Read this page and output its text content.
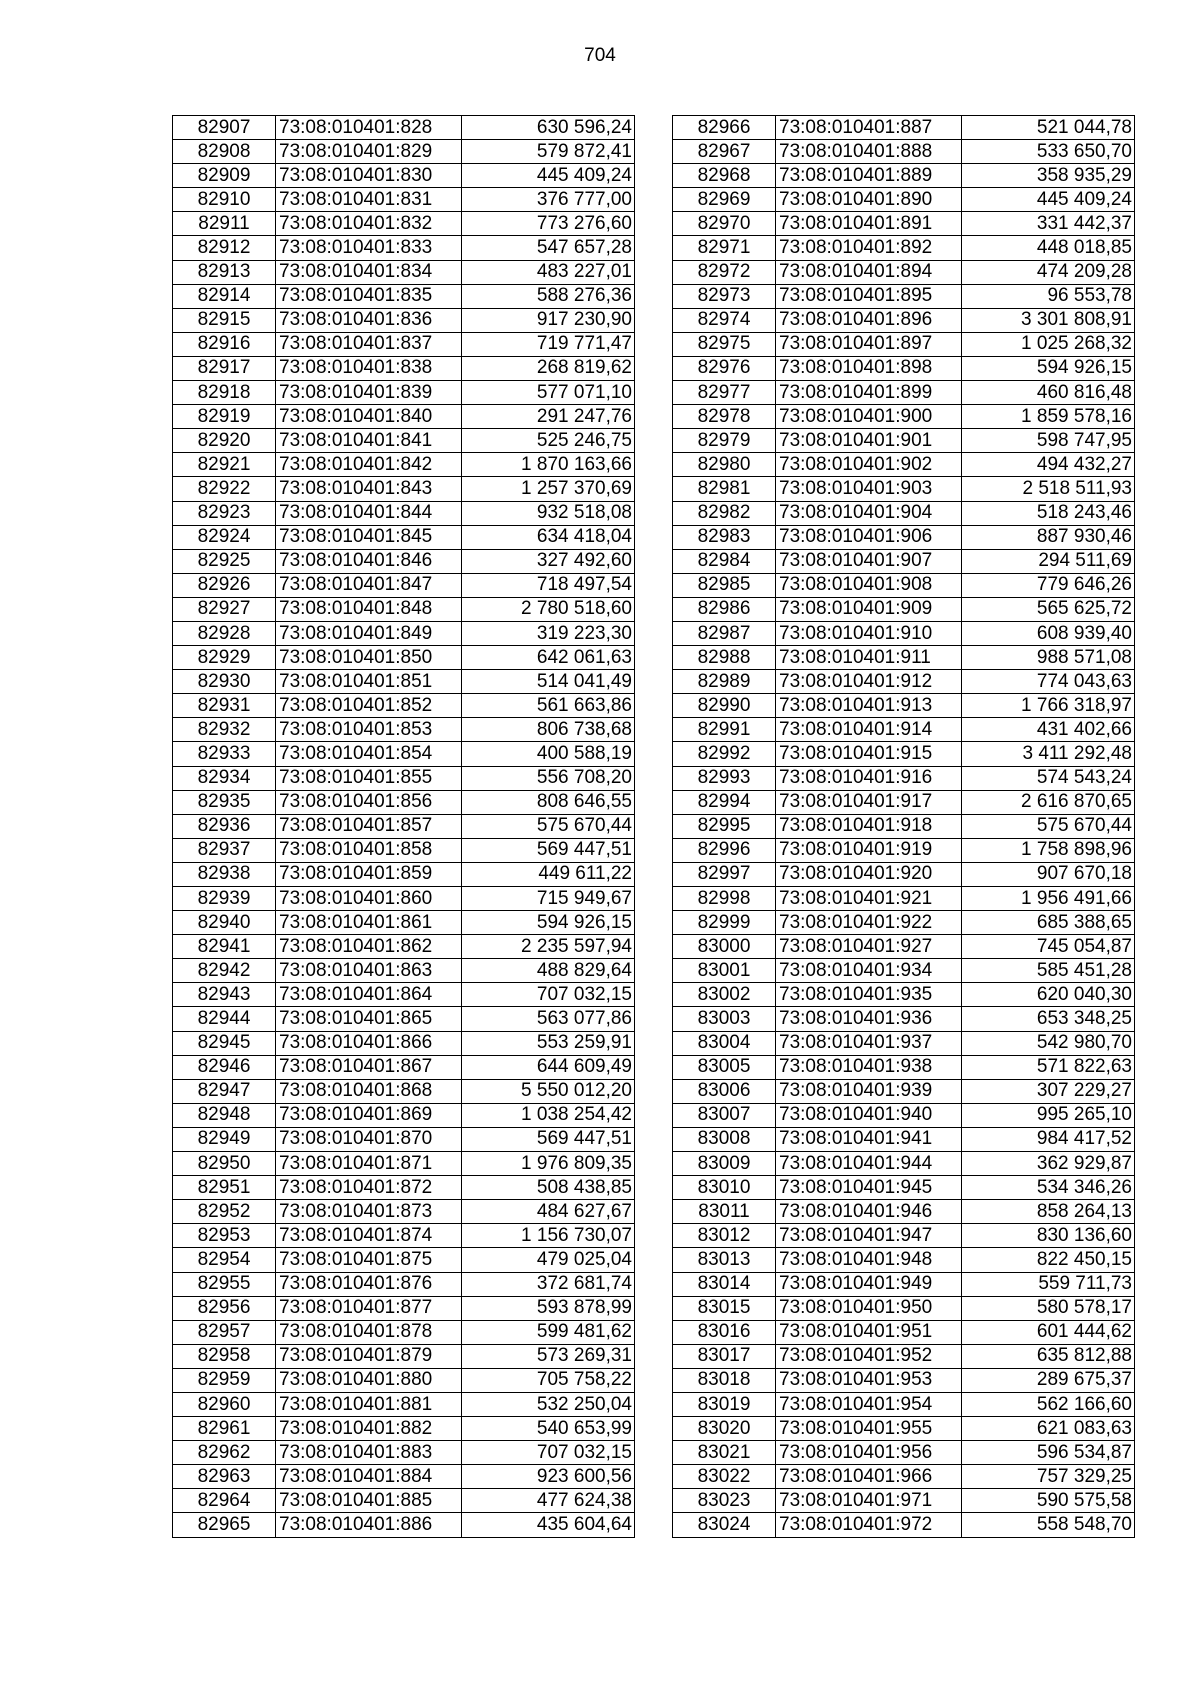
704
82907	73:08:010401:828	630 596,24
82908	73:08:010401:829	579 872,41
82909	73:08:010401:830	445 409,24
82910	73:08:010401:831	376 777,00
82911	73:08:010401:832	773 276,60
82912	73:08:010401:833	547 657,28
82913	73:08:010401:834	483 227,01
82914	73:08:010401:835	588 276,36
82915	73:08:010401:836	917 230,90
82916	73:08:010401:837	719 771,47
82917	73:08:010401:838	268 819,62
82918	73:08:010401:839	577 071,10
82919	73:08:010401:840	291 247,76
82920	73:08:010401:841	525 246,75
82921	73:08:010401:842	1 870 163,66
82922	73:08:010401:843	1 257 370,69
82923	73:08:010401:844	932 518,08
82924	73:08:010401:845	634 418,04
82925	73:08:010401:846	327 492,60
82926	73:08:010401:847	718 497,54
82927	73:08:010401:848	2 780 518,60
82928	73:08:010401:849	319 223,30
82929	73:08:010401:850	642 061,63
82930	73:08:010401:851	514 041,49
82931	73:08:010401:852	561 663,86
82932	73:08:010401:853	806 738,68
82933	73:08:010401:854	400 588,19
82934	73:08:010401:855	556 708,20
82935	73:08:010401:856	808 646,55
82936	73:08:010401:857	575 670,44
82937	73:08:010401:858	569 447,51
82938	73:08:010401:859	449 611,22
82939	73:08:010401:860	715 949,67
82940	73:08:010401:861	594 926,15
82941	73:08:010401:862	2 235 597,94
82942	73:08:010401:863	488 829,64
82943	73:08:010401:864	707 032,15
82944	73:08:010401:865	563 077,86
82945	73:08:010401:866	553 259,91
82946	73:08:010401:867	644 609,49
82947	73:08:010401:868	5 550 012,20
82948	73:08:010401:869	1 038 254,42
82949	73:08:010401:870	569 447,51
82950	73:08:010401:871	1 976 809,35
82951	73:08:010401:872	508 438,85
82952	73:08:010401:873	484 627,67
82953	73:08:010401:874	1 156 730,07
82954	73:08:010401:875	479 025,04
82955	73:08:010401:876	372 681,74
82956	73:08:010401:877	593 878,99
82957	73:08:010401:878	599 481,62
82958	73:08:010401:879	573 269,31
82959	73:08:010401:880	705 758,22
82960	73:08:010401:881	532 250,04
82961	73:08:010401:882	540 653,99
82962	73:08:010401:883	707 032,15
82963	73:08:010401:884	923 600,56
82964	73:08:010401:885	477 624,38
82965	73:08:010401:886	435 604,64
82966	73:08:010401:887	521 044,78
82967	73:08:010401:888	533 650,70
82968	73:08:010401:889	358 935,29
82969	73:08:010401:890	445 409,24
82970	73:08:010401:891	331 442,37
82971	73:08:010401:892	448 018,85
82972	73:08:010401:894	474 209,28
82973	73:08:010401:895	96 553,78
82974	73:08:010401:896	3 301 808,91
82975	73:08:010401:897	1 025 268,32
82976	73:08:010401:898	594 926,15
82977	73:08:010401:899	460 816,48
82978	73:08:010401:900	1 859 578,16
82979	73:08:010401:901	598 747,95
82980	73:08:010401:902	494 432,27
82981	73:08:010401:903	2 518 511,93
82982	73:08:010401:904	518 243,46
82983	73:08:010401:906	887 930,46
82984	73:08:010401:907	294 511,69
82985	73:08:010401:908	779 646,26
82986	73:08:010401:909	565 625,72
82987	73:08:010401:910	608 939,40
82988	73:08:010401:911	988 571,08
82989	73:08:010401:912	774 043,63
82990	73:08:010401:913	1 766 318,97
82991	73:08:010401:914	431 402,66
82992	73:08:010401:915	3 411 292,48
82993	73:08:010401:916	574 543,24
82994	73:08:010401:917	2 616 870,65
82995	73:08:010401:918	575 670,44
82996	73:08:010401:919	1 758 898,96
82997	73:08:010401:920	907 670,18
82998	73:08:010401:921	1 956 491,66
82999	73:08:010401:922	685 388,65
83000	73:08:010401:927	745 054,87
83001	73:08:010401:934	585 451,28
83002	73:08:010401:935	620 040,30
83003	73:08:010401:936	653 348,25
83004	73:08:010401:937	542 980,70
83005	73:08:010401:938	571 822,63
83006	73:08:010401:939	307 229,27
83007	73:08:010401:940	995 265,10
83008	73:08:010401:941	984 417,52
83009	73:08:010401:944	362 929,87
83010	73:08:010401:945	534 346,26
83011	73:08:010401:946	858 264,13
83012	73:08:010401:947	830 136,60
83013	73:08:010401:948	822 450,15
83014	73:08:010401:949	559 711,73
83015	73:08:010401:950	580 578,17
83016	73:08:010401:951	601 444,62
83017	73:08:010401:952	635 812,88
83018	73:08:010401:953	289 675,37
83019	73:08:010401:954	562 166,60
83020	73:08:010401:955	621 083,63
83021	73:08:010401:956	596 534,87
83022	73:08:010401:966	757 329,25
83023	73:08:010401:971	590 575,58
83024	73:08:010401:972	558 548,70
